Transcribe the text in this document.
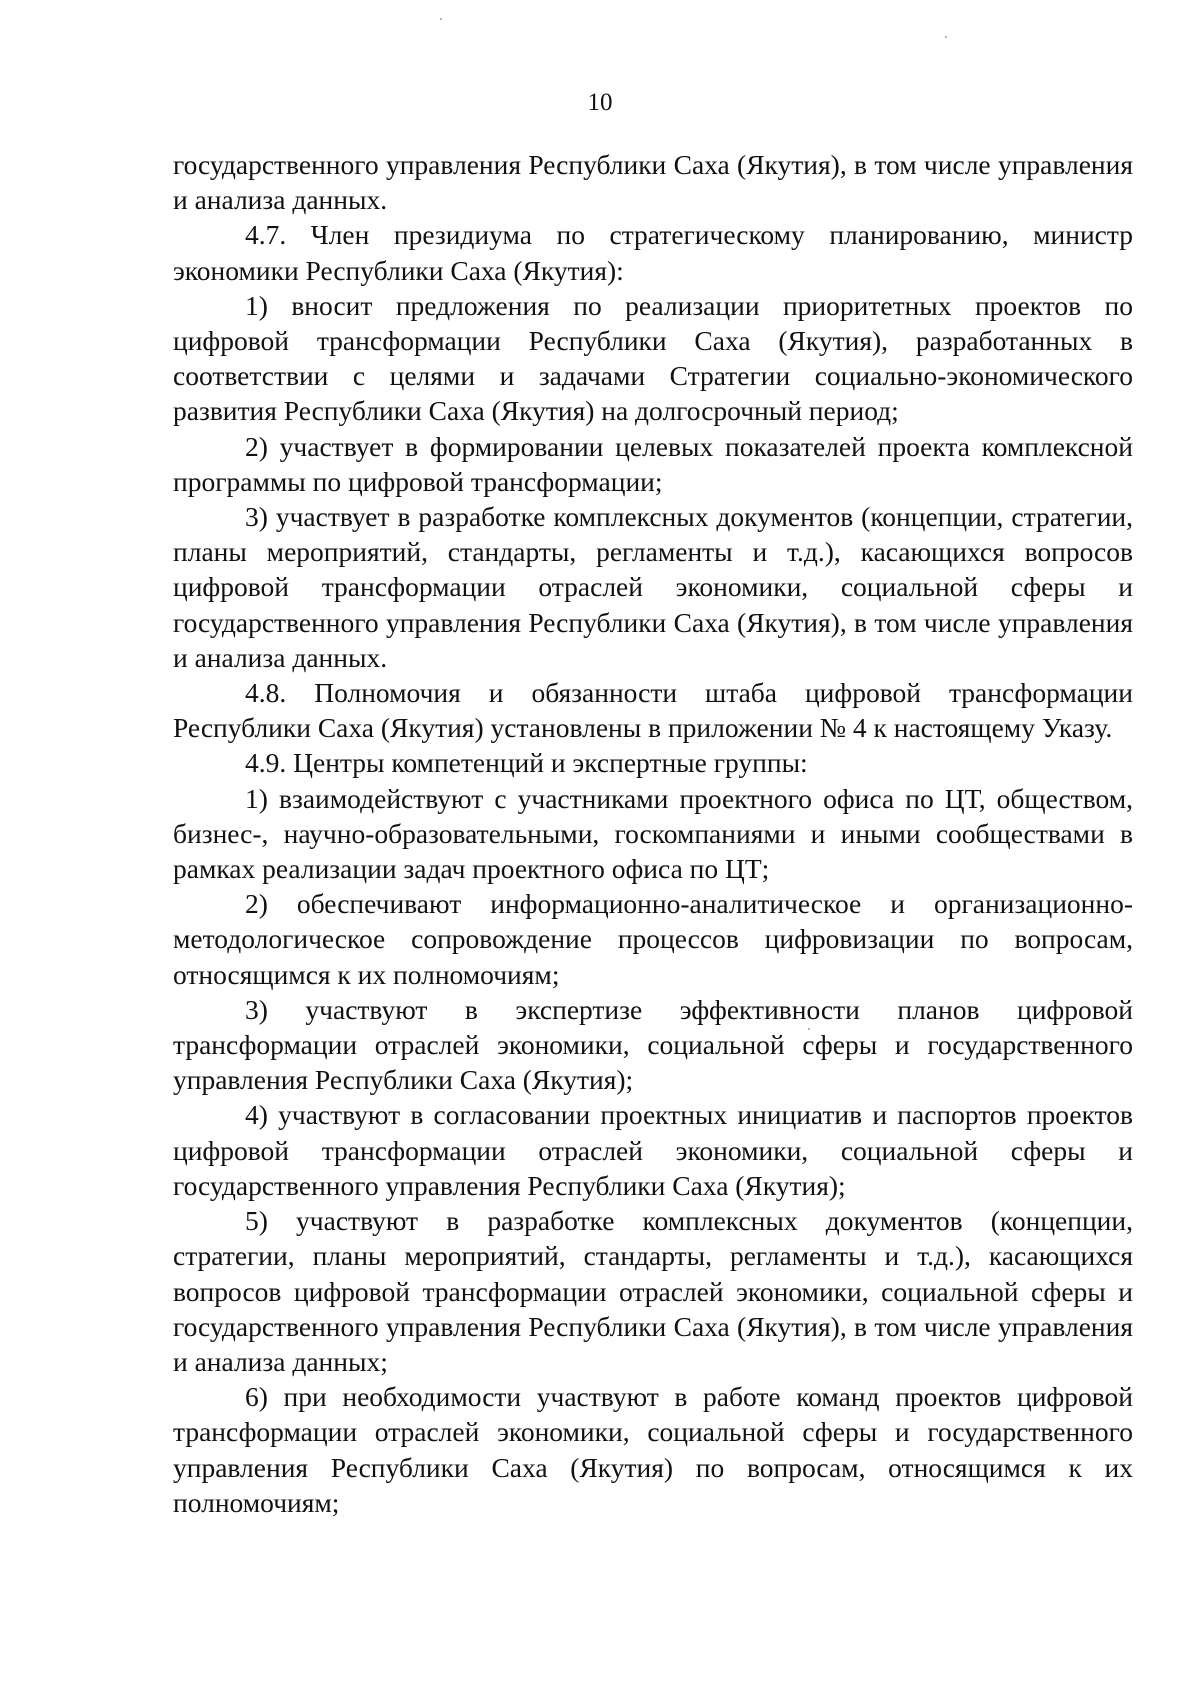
10

государственного управления Республики Саха (Якутия), в том числе управления и анализа данных.

4.7. Член президиума по стратегическому планированию, министр экономики Республики Саха (Якутия):

1) вносит предложения по реализации приоритетных проектов по цифровой трансформации Республики Саха (Якутия), разработанных в соответствии с целями и задачами Стратегии социально-экономического развития Республики Саха (Якутия) на долгосрочный период;

2) участвует в формировании целевых показателей проекта комплексной программы по цифровой трансформации;

3) участвует в разработке комплексных документов (концепции, стратегии, планы мероприятий, стандарты, регламенты и т.д.), касающихся вопросов цифровой трансформации отраслей экономики, социальной сферы и государственного управления Республики Саха (Якутия), в том числе управления и анализа данных.

4.8. Полномочия и обязанности штаба цифровой трансформации Республики Саха (Якутия) установлены в приложении № 4 к настоящему Указу.

4.9. Центры компетенций и экспертные группы:

1) взаимодействуют с участниками проектного офиса по ЦТ, обществом, бизнес-, научно-образовательными, госкомпаниями и иными сообществами в рамках реализации задач проектного офиса по ЦТ;

2) обеспечивают информационно-аналитическое и организационно-методологическое сопровождение процессов цифровизации по вопросам, относящимся к их полномочиям;

3) участвуют в экспертизе эффективности планов цифровой трансформации отраслей экономики, социальной сферы и государственного управления Республики Саха (Якутия);

4) участвуют в согласовании проектных инициатив и паспортов проектов цифровой трансформации отраслей экономики, социальной сферы и государственного управления Республики Саха (Якутия);

5) участвуют в разработке комплексных документов (концепции, стратегии, планы мероприятий, стандарты, регламенты и т.д.), касающихся вопросов цифровой трансформации отраслей экономики, социальной сферы и государственного управления Республики Саха (Якутия), в том числе управления и анализа данных;

6) при необходимости участвуют в работе команд проектов цифровой трансформации отраслей экономики, социальной сферы и государственного управления Республики Саха (Якутия) по вопросам, относящимся к их полномочиям;
